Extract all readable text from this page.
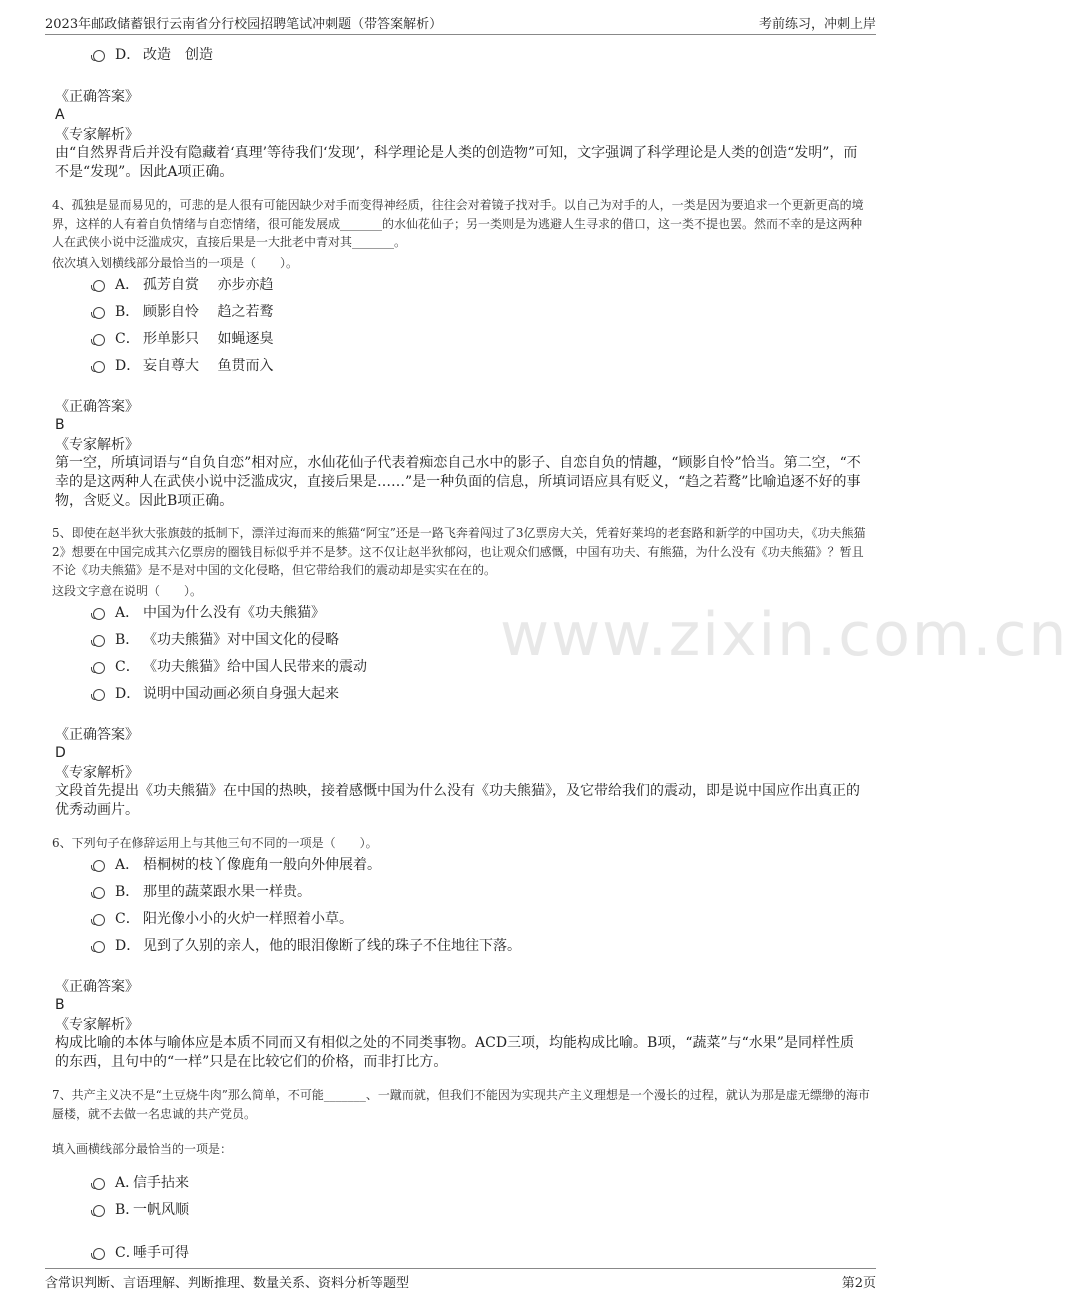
2023年邮政储蓄银行云南省分行校园招聘笔试冲刺题（带答案解析）	考前练习，冲刺上岸
www.zixin.com.cn
D． 改造　创造
《正确答案》
A
《专家解析》
由“自然界背后并没有隐藏着‘真理’等待我们‘发现’，科学理论是人类的创造物”可知，文字强调了科学理论是人类的创造“发明”，而不是“发现”。因此A项正确。
4、孤独是显而易见的，可悲的是人很有可能因缺少对手而变得神经质，往往会对着镜子找对手。以自己为对手的人，一类是因为要追求一个更新更高的境界，这样的人有着自负情绪与自恋情绪，很可能发展成_______的水仙花仙子；另一类则是为逃避人生寻求的借口，这一类不提也罢。然而不幸的是这两种人在武侠小说中泛滥成灾，直接后果是一大批老中青对其_______。
依次填入划横线部分最恰当的一项是（　　）。
A． 孤芳自赏　 亦步亦趋
B． 顾影自怜　 趋之若鹜
C． 形单影只　 如蝇逐臭
D． 妄自尊大　 鱼贯而入
《正确答案》
B
《专家解析》
第一空，所填词语与“自负自恋”相对应，水仙花仙子代表着痴恋自己水中的影子、自恋自负的情趣，“顾影自怜”恰当。第二空，“不幸的是这两种人在武侠小说中泛滥成灾，直接后果是……”是一种负面的信息，所填词语应具有贬义，“趋之若鹜”比喻追逐不好的事物，含贬义。因此B项正确。
5、即使在赵半狄大张旗鼓的抵制下，漂洋过海而来的熊猫“阿宝”还是一路飞奔着闯过了3亿票房大关，凭着好莱坞的老套路和新学的中国功夫，《功夫熊猫2》想要在中国完成其六亿票房的圈钱目标似乎并不是梦。这不仅让赵半狄郁闷，也让观众们感慨，中国有功夫、有熊猫，为什么没有《功夫熊猫》？暂且不论《功夫熊猫》是不是对中国的文化侵略，但它带给我们的震动却是实实在在的。
这段文字意在说明（　　）。
A． 中国为什么没有《功夫熊猫》
B． 《功夫熊猫》对中国文化的侵略
C． 《功夫熊猫》给中国人民带来的震动
D． 说明中国动画必须自身强大起来
《正确答案》
D
《专家解析》
文段首先提出《功夫熊猫》在中国的热映，接着感慨中国为什么没有《功夫熊猫》，及它带给我们的震动，即是说中国应作出真正的优秀动画片。
6、下列句子在修辞运用上与其他三句不同的一项是（　　）。
A． 梧桐树的枝丫像鹿角一般向外伸展着。
B． 那里的蔬菜跟水果一样贵。
C． 阳光像小小的火炉一样照着小草。
D． 见到了久别的亲人，他的眼泪像断了线的珠子不住地往下落。
《正确答案》
B
《专家解析》
构成比喻的本体与喻体应是本质不同而又有相似之处的不同类事物。ACD三项，均能构成比喻。B项，“蔬菜”与“水果”是同样性质的东西，且句中的“一样”只是在比较它们的价格，而非打比方。
7、共产主义决不是“土豆烧牛肉”那么简单，不可能_______、一蹴而就，但我们不能因为实现共产主义理想是一个漫长的过程，就认为那是虚无缥缈的海市蜃楼，就不去做一名忠诚的共产党员。
填入画横线部分最恰当的一项是：
A．
信手拈来
B．
一帆风顺
C．
唾手可得
含常识判断、言语理解、判断推理、数量关系、资料分析等题型	第2页
